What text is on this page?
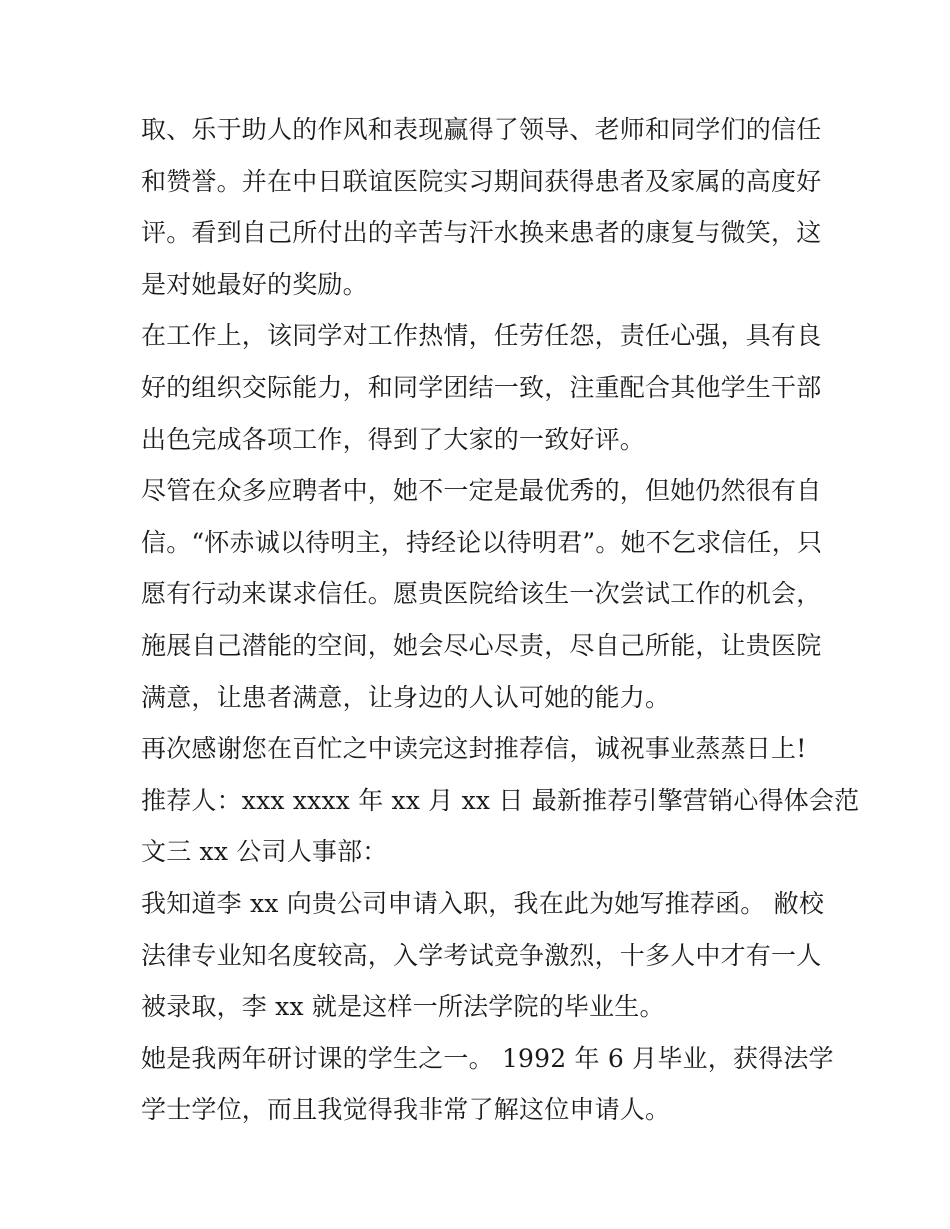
取、乐于助人的作风和表现赢得了领导、老师和同学们的信任
和赞誉。并在中日联谊医院实习期间获得患者及家属的高度好
评。看到自己所付出的辛苦与汗水换来患者的康复与微笑，这
是对她最好的奖励。
在工作上，该同学对工作热情，任劳任怨，责任心强，具有良
好的组织交际能力，和同学团结一致，注重配合其他学生干部
出色完成各项工作，得到了大家的一致好评。
尽管在众多应聘者中，她不一定是最优秀的，但她仍然很有自
信。“怀赤诚以待明主，持经论以待明君”。她不乞求信任，只
愿有行动来谋求信任。愿贵医院给该生一次尝试工作的机会，
施展自己潜能的空间，她会尽心尽责，尽自己所能，让贵医院
满意，让患者满意，让身边的人认可她的能力。
再次感谢您在百忙之中读完这封推荐信，诚祝事业蒸蒸日上!
推荐人：xxx xxxx 年 xx 月 xx 日 最新推荐引擎营销心得体会范
文三 xx 公司人事部：
我知道李 xx 向贵公司申请入职，我在此为她写推荐函。 敝校
法律专业知名度较高，入学考试竞争激烈，十多人中才有一人
被录取，李 xx 就是这样一所法学院的毕业生。
她是我两年研讨课的学生之一。 1992 年 6 月毕业，获得法学
学士学位，而且我觉得我非常了解这位申请人。
